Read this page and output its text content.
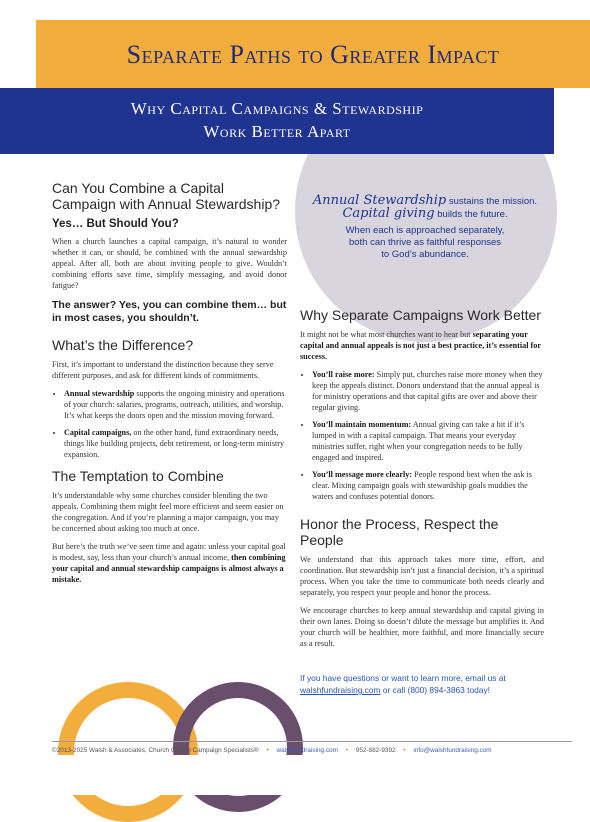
Separate Paths to Greater Impact
Why Capital Campaigns & Stewardship
Work Better Apart
Annual Stewardship sustains the mission.
Capital giving builds the future.
When each is approached separately,
both can thrive as faithful responses
to God’s abundance.
Can You Combine a Capital Campaign with Annual Stewardship?
Yes… But Should You?

When a church launches a capital campaign, it’s natural to wonder whether it can, or should, be combined with the annual stewardship appeal. After all, both are about inviting people to give. Wouldn’t combining efforts save time, simplify messaging, and avoid donor fatigue?

The answer? Yes, you can combine them… but in most cases, you shouldn’t.

What’s the Difference?

First, it’s important to understand the distinction because they serve different purposes, and ask for different kinds of commitments.

• Annual stewardship supports the ongoing ministry and operations of your church: salaries, programs, outreach, utilities, and worship. It’s what keeps the doors open and the mission moving forward.
• Capital campaigns, on the other hand, fund extraordinary needs, things like building projects, debt retirement, or long-term ministry expansion.
The Temptation to Combine

It’s understandable why some churches consider blending the two appeals. Combining them might feel more efficient and seem easier on the congregation. And if you’re planning a major campaign, you may be concerned about asking too much at once.

But here’s the truth we’ve seen time and again: unless your capital goal is modest, say, less than your church’s annual income, then combining your capital and annual stewardship campaigns is almost always a mistake.

Why Separate Campaigns Work Better

It might not be what most churches want to hear but separating your capital and annual appeals is not just a best practice, it’s essential for success.

• You’ll raise more: Simply put, churches raise more money when they keep the appeals distinct. Donors understand that the annual appeal is for ministry operations and that capital gifts are over and above their regular giving.
• You’ll maintain momentum: Annual giving can take a hit if it’s lumped in with a capital campaign. That means your everyday ministries suffer, right when your congregation needs to be fully engaged and inspired.
• You’ll message more clearly: People respond best when the ask is clear. Mixing campaign goals with stewardship goals muddies the waters and confuses potential donors.
Honor the Process, Respect the People

We understand that this approach takes more time, effort, and coordination. But stewardship isn’t just a financial decision, it’s a spiritual process. When you take the time to communicate both needs clearly and separately, you respect your people and honor the process.

We encourage churches to keep annual stewardship and capital giving in their own lanes. Doing so doesn’t dilute the message but amplifies it. And your church will be healthier, more faithful, and more financially secure as a result.

If you have questions or want to learn more, email us at
walshfundraising.com or call (800) 894-3863 today!
©2013-2025 Walsh & Associates, Church Capital Campaign Specialists® • walshfundraising.com • 952-882-9392 • info@walshfundraising.com
